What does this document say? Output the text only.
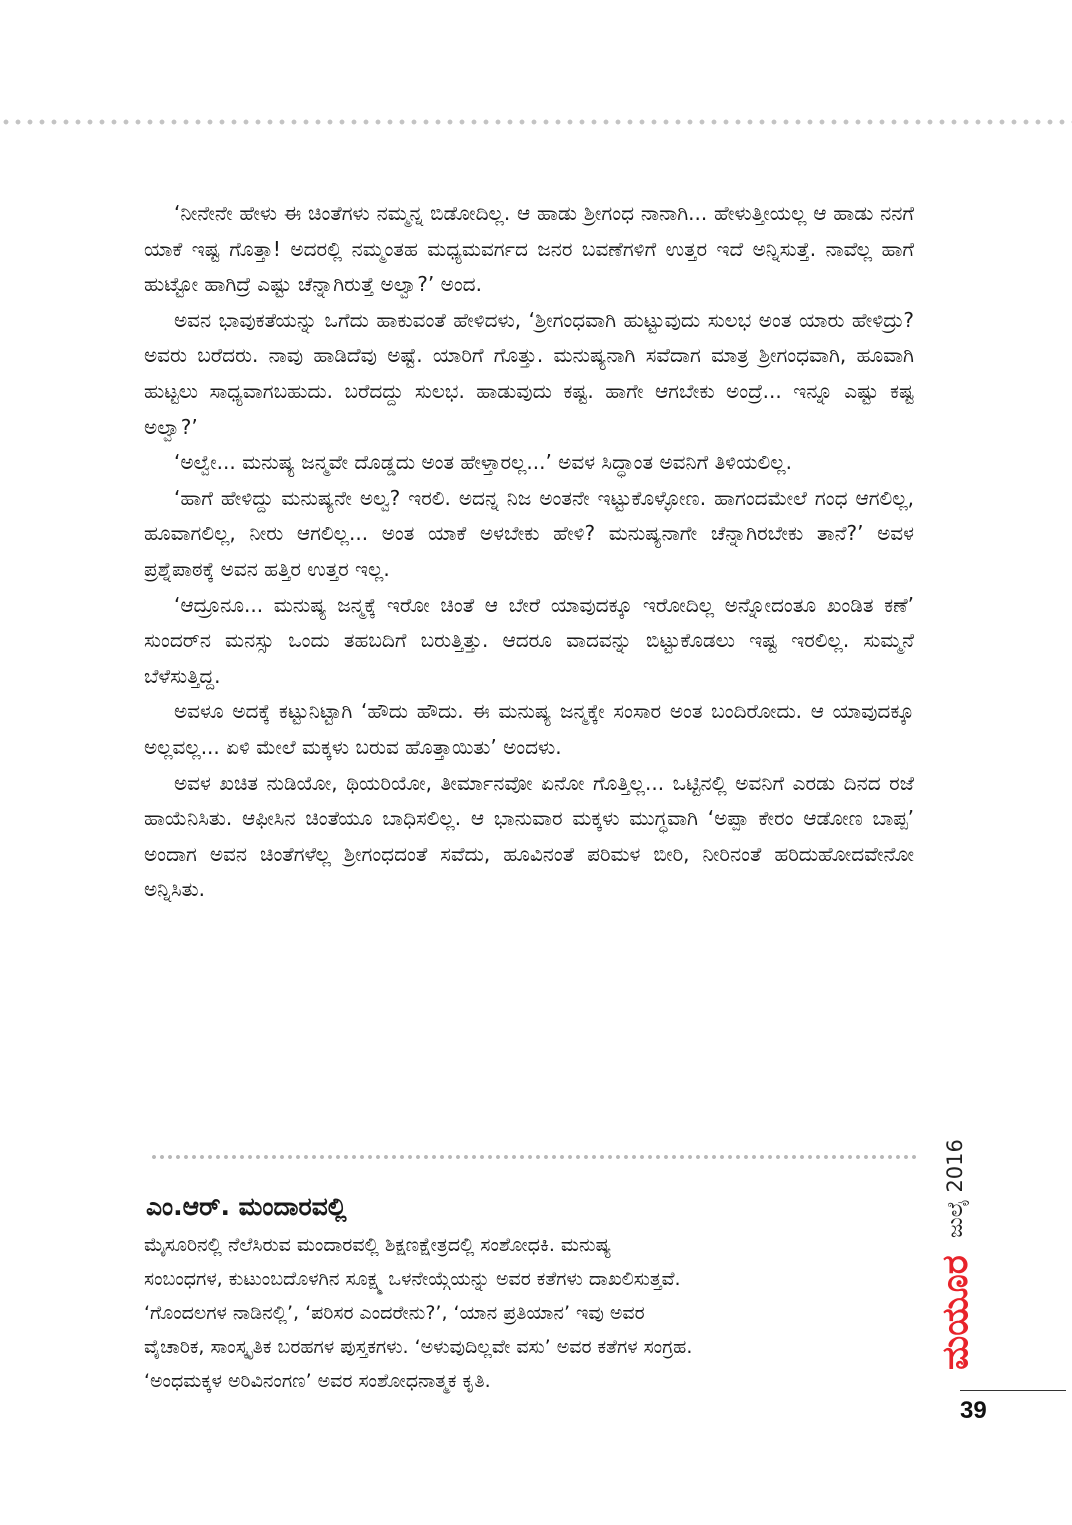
‘ನೀನೇನೇ ಹೇಳು ಈ ಚಿಂತೆಗಳು ನಮ್ಮನ್ನ ಬಿಡೋದಿಲ್ಲ. ಆ ಹಾಡು ಶ್ರೀಗಂಧ ನಾನಾಗಿ... ಹೇಳುತ್ತೀಯಲ್ಲ ಆ ಹಾಡು ನನಗೆ ಯಾಕೆ ಇಷ್ಟ ಗೊತ್ತಾ! ಅದರಲ್ಲಿ ನಮ್ಮಂತಹ ಮಧ್ಯಮವರ್ಗದ ಜನರ ಬವಣೆಗಳಿಗೆ ಉತ್ತರ ಇದೆ ಅನ್ನಿಸುತ್ತೆ. ನಾವೆಲ್ಲ ಹಾಗೆ ಹುಟ್ಟೋ ಹಾಗಿದ್ರೆ ಎಷ್ಟು ಚೆನ್ನಾಗಿರುತ್ತೆ ಅಲ್ವಾ?’ ಅಂದ.

ಅವನ ಭಾವುಕತೆಯನ್ನು ಒಗೆದು ಹಾಕುವಂತೆ ಹೇಳಿದಳು, ‘ಶ್ರೀಗಂಧವಾಗಿ ಹುಟ್ಟುವುದು ಸುಲಭ ಅಂತ ಯಾರು ಹೇಳಿದ್ರು? ಅವರು ಬರೆದರು. ನಾವು ಹಾಡಿದೆವು ಅಷ್ಟೆ. ಯಾರಿಗೆ ಗೊತ್ತು. ಮನುಷ್ಯನಾಗಿ ಸವೆದಾಗ ಮಾತ್ರ ಶ್ರೀಗಂಧವಾಗಿ, ಹೂವಾಗಿ ಹುಟ್ಟಲು ಸಾಧ್ಯವಾಗಬಹುದು. ಬರೆದದ್ದು ಸುಲಭ. ಹಾಡುವುದು ಕಷ್ಟ. ಹಾಗೇ ಆಗಬೇಕು ಅಂದ್ರೆ... ಇನ್ನೂ ಎಷ್ಟು ಕಷ್ಟ ಅಲ್ವಾ?’

‘ಅಲ್ವೇ... ಮನುಷ್ಯ ಜನ್ಮವೇ ದೊಡ್ಡದು ಅಂತ ಹೇಳ್ತಾರಲ್ಲ...’ ಅವಳ ಸಿದ್ಧಾಂತ ಅವನಿಗೆ ತಿಳಿಯಲಿಲ್ಲ.

‘ಹಾಗೆ ಹೇಳಿದ್ದು ಮನುಷ್ಯನೇ ಅಲ್ವ? ಇರಲಿ. ಅದನ್ನ ನಿಜ ಅಂತನೇ ಇಟ್ಟುಕೊಳ್ಳೋಣ. ಹಾಗಂದಮೇಲೆ ಗಂಧ ಆಗಲಿಲ್ಲ, ಹೂವಾಗಲಿಲ್ಲ, ನೀರು ಆಗಲಿಲ್ಲ... ಅಂತ ಯಾಕೆ ಅಳಬೇಕು ಹೇಳಿ? ಮನುಷ್ಯನಾಗೇ ಚೆನ್ನಾಗಿರಬೇಕು ತಾನೆ?’ ಅವಳ ಪ್ರಶ್ನೆಪಾಠಕ್ಕೆ ಅವನ ಹತ್ತಿರ ಉತ್ತರ ಇಲ್ಲ.

‘ಆದ್ರೂನೂ... ಮನುಷ್ಯ ಜನ್ಮಕ್ಕೆ ಇರೋ ಚಿಂತೆ ಆ ಬೇರೆ ಯಾವುದಕ್ಕೂ ಇರೋದಿಲ್ಲ ಅನ್ನೋದಂತೂ ಖಂಡಿತ ಕಣೆ’ ಸುಂದರ್‌ನ ಮನಸ್ಸು ಒಂದು ತಹಬದಿಗೆ ಬರುತ್ತಿತ್ತು. ಆದರೂ ವಾದವನ್ನು ಬಿಟ್ಟುಕೊಡಲು ಇಷ್ಟ ಇರಲಿಲ್ಲ. ಸುಮ್ಮನೆ ಬೆಳೆಸುತ್ತಿದ್ದ.

ಅವಳೂ ಅದಕ್ಕೆ ಕಟ್ಟುನಿಟ್ಟಾಗಿ ‘ಹೌದು ಹೌದು. ಈ ಮನುಷ್ಯ ಜನ್ಮಕ್ಕೇ ಸಂಸಾರ ಅಂತ ಬಂದಿರೋದು. ಆ ಯಾವುದಕ್ಕೂ ಅಲ್ಲವಲ್ಲ... ಏಳಿ ಮೇಲೆ ಮಕ್ಕಳು ಬರುವ ಹೊತ್ತಾಯಿತು’ ಅಂದಳು.

ಅವಳ ಖಚಿತ ನುಡಿಯೋ, ಥಿಯರಿಯೋ, ತೀರ್ಮಾನವೋ ಏನೋ ಗೊತ್ತಿಲ್ಲ... ಒಟ್ಟಿನಲ್ಲಿ ಅವನಿಗೆ ಎರಡು ದಿನದ ರಜೆ ಹಾಯೆನಿಸಿತು. ಆಫೀಸಿನ ಚಿಂತೆಯೂ ಬಾಧಿಸಲಿಲ್ಲ. ಆ ಭಾನುವಾರ ಮಕ್ಕಳು ಮುಗ್ಧವಾಗಿ ‘ಅಪ್ಪಾ ಕೇರಂ ಆಡೋಣ ಬಾಪ್ಪ’ ಅಂದಾಗ ಅವನ ಚಿಂತೆಗಳೆಲ್ಲ ಶ್ರೀಗಂಧದಂತೆ ಸವೆದು, ಹೂವಿನಂತೆ ಪರಿಮಳ ಬೀರಿ, ನೀರಿನಂತೆ ಹರಿದುಹೋದವೇನೋ ಅನ್ನಿಸಿತು.

ಎಂ.ಆರ್. ಮಂದಾರವಲ್ಲಿ
ಮೈಸೂರಿನಲ್ಲಿ ನೆಲೆಸಿರುವ ಮಂದಾರವಲ್ಲಿ ಶಿಕ್ಷಣಕ್ಷೇತ್ರದಲ್ಲಿ ಸಂಶೋಧಕಿ. ಮನುಷ್ಯ
ಸಂಬಂಧಗಳ, ಕುಟುಂಬದೊಳಗಿನ ಸೂಕ್ಷ್ಮ ಒಳನೇಯ್ಗೆಯನ್ನು ಅವರ ಕತೆಗಳು ದಾಖಲಿಸುತ್ತವೆ.
‘ಗೊಂದಲಗಳ ನಾಡಿನಲ್ಲಿ’, ‘ಪರಿಸರ ಎಂದರೇನು?’, ‘ಯಾನ ಪ್ರತಿಯಾನ’ ಇವು ಅವರ
ವೈಚಾರಿಕ, ಸಾಂಸ್ಕೃತಿಕ ಬರಹಗಳ ಪುಸ್ತಕಗಳು. ‘ಅಳುವುದಿಲ್ಲವೇ ವಸು’ ಅವರ ಕತೆಗಳ ಸಂಗ್ರಹ.
‘ಅಂಧಮಕ್ಕಳ ಅರಿವಿನಂಗಣ’ ಅವರ ಸಂಶೋಧನಾತ್ಮಕ ಕೃತಿ.
ಜುಲೈ 2016
ಮಯೂರ
39
